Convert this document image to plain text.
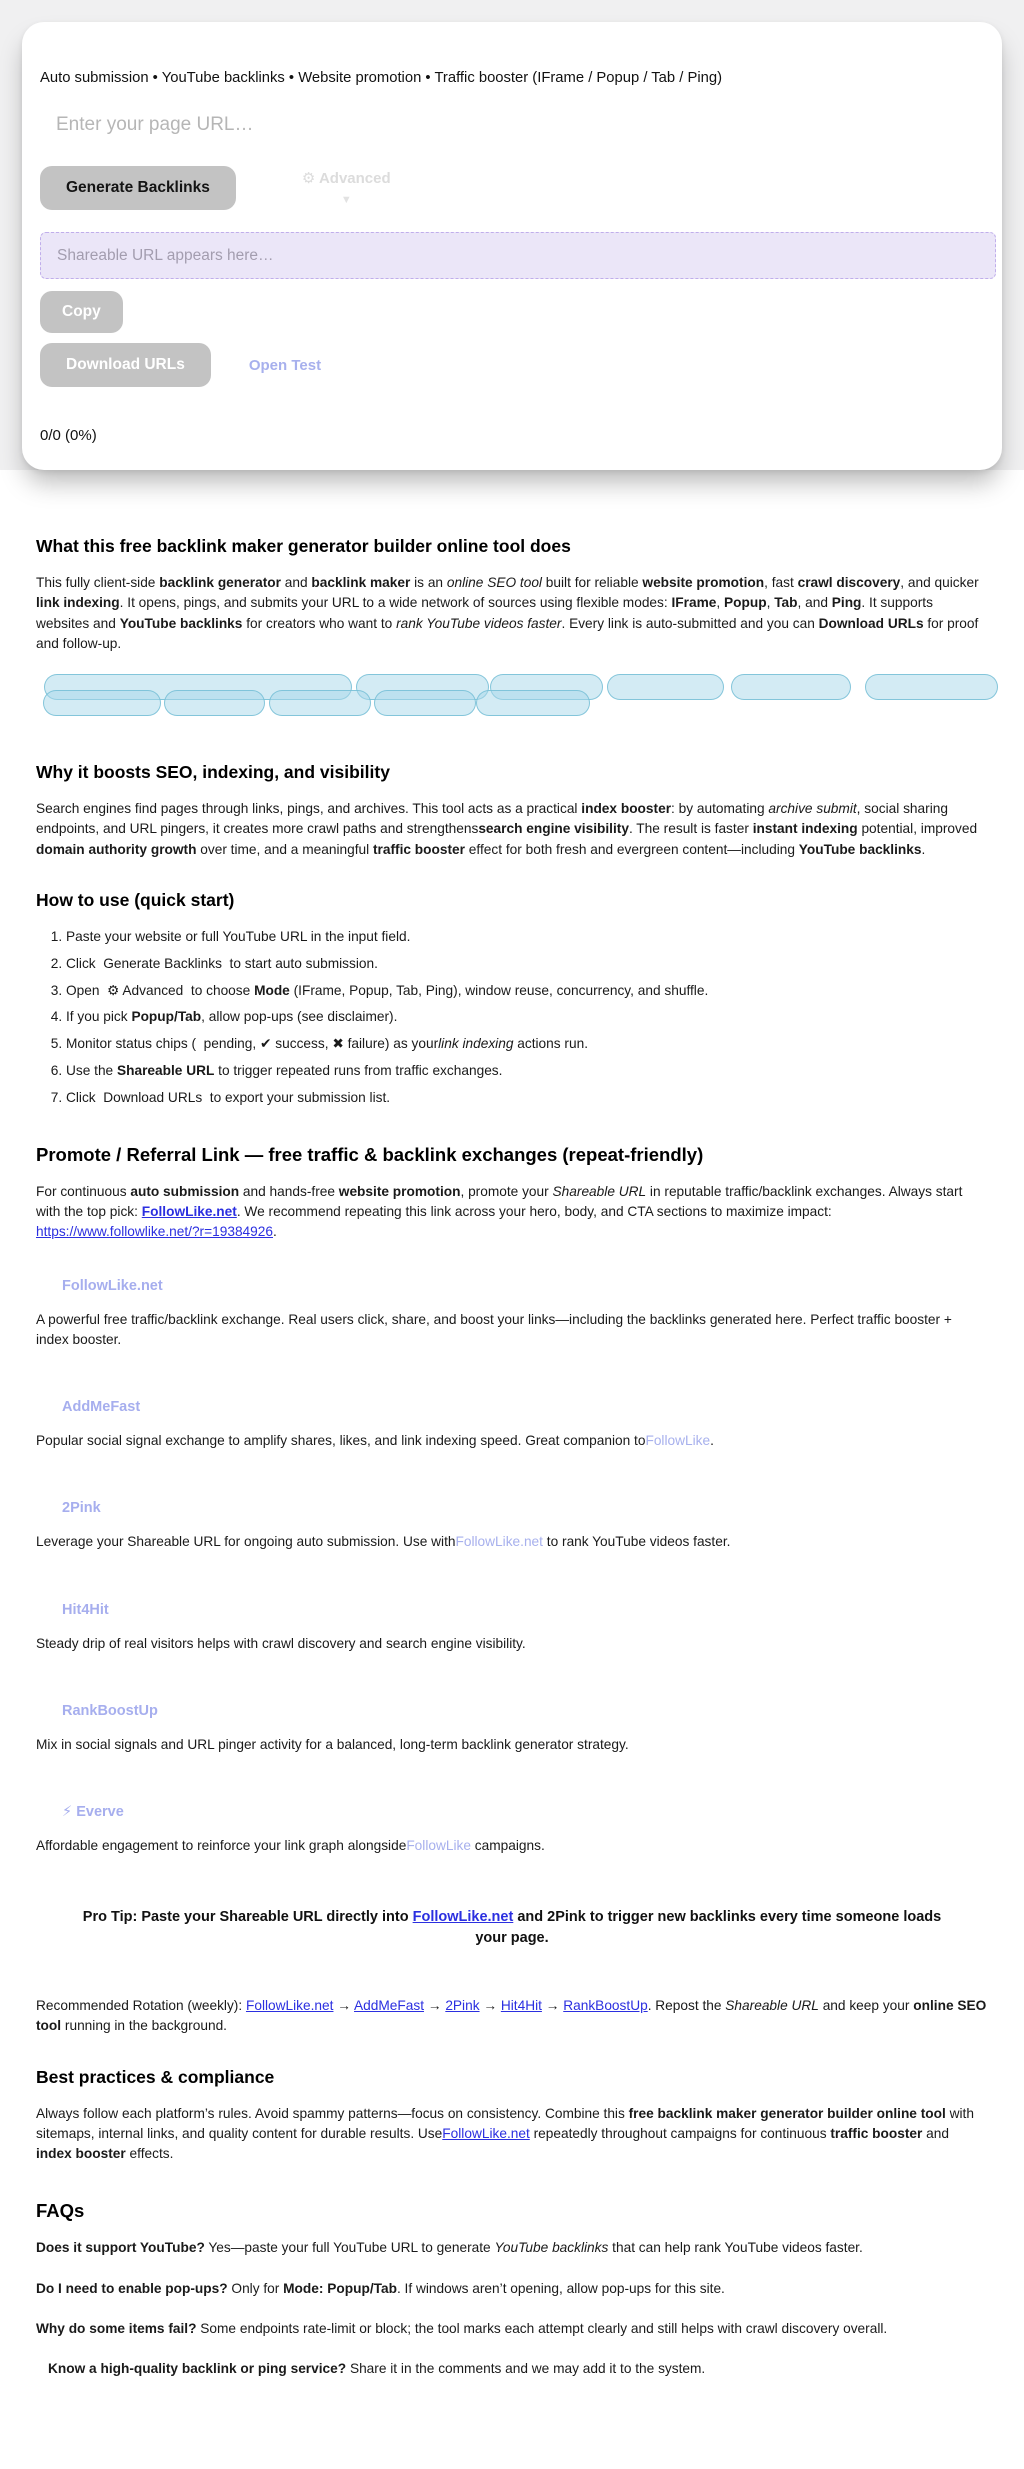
Auto submission • YouTube backlinks • Website promotion • Traffic booster (IFrame / Popup / Tab / Ping)

Enter your page URL…
Generate Backlinks
⚙ Advanced
▼
Shareable URL appears here… Copy
Download URLs	Open Test

0/0 (0%)

What this free backlink maker generator builder online tool does

This fully client-side backlink generator and backlink maker is an online SEO tool built for reliable website promotion, fast crawl discovery, and quicker link indexing. It opens, pings, and submits your URL to a wide network of sources using flexible modes: IFrame, Popup, Tab, and Ping. It supports websites and YouTube backlinks for creators who want to rank YouTube videos faster. Every link is auto-submitted and you can Download URLs for proof and follow-up.

Why it boosts SEO, indexing, and visibility

Search engines find pages through links, pings, and archives. This tool acts as a practical index booster: by automating archive submit, social sharing endpoints, and URL pingers, it creates more crawl paths and strengthenssearch engine visibility. The result is faster instant indexing potential, improved domain authority growth over time, and a meaningful traffic booster effect for both fresh and evergreen content—including YouTube backlinks.

How to use (quick start)
1. Paste your website or full YouTube URL in the input field.
2. Click  Generate Backlinks  to start auto submission.
3. Open  ⚙ Advanced  to choose Mode (IFrame, Popup, Tab, Ping), window reuse, concurrency, and shuffle.
4. If you pick Popup/Tab, allow pop-ups (see disclaimer).
5. Monitor status chips (  pending, ✔ success, ✖ failure) as yourlink indexing actions run.
6. Use the Shareable URL to trigger repeated runs from traffic exchanges.
7. Click  Download URLs  to export your submission list.
Promote / Referral Link — free traffic & backlink exchanges (repeat-friendly)

For continuous auto submission and hands-free website promotion, promote your Shareable URL in reputable traffic/backlink exchanges. Always start with the top pick: FollowLike.net. We recommend repeating this link across your hero, body, and CTA sections to maximize impact: https://www.followlike.net/?r=19384926.

FollowLike.net

A powerful free traffic/backlink exchange. Real users click, share, and boost your links—including the backlinks generated here. Perfect traffic booster + index booster.

AddMeFast

Popular social signal exchange to amplify shares, likes, and link indexing speed. Great companion toFollowLike.

2Pink

Leverage your Shareable URL for ongoing auto submission. Use withFollowLike.net to rank YouTube videos faster.

Hit4Hit

Steady drip of real visitors helps with crawl discovery and search engine visibility.

RankBoostUp

Mix in social signals and URL pinger activity for a balanced, long-term backlink generator strategy.

⚡ Everve

Affordable engagement to reinforce your link graph alongsideFollowLike campaigns.

Pro Tip: Paste your Shareable URL directly into FollowLike.net and 2Pink to trigger new backlinks every time someone loads your page.

Recommended Rotation (weekly): FollowLike.net → AddMeFast → 2Pink → Hit4Hit → RankBoostUp. Repost the Shareable URL and keep your online SEO tool running in the background.

Best practices & compliance

Always follow each platform’s rules. Avoid spammy patterns—focus on consistency. Combine this free backlink maker generator builder online tool with sitemaps, internal links, and quality content for durable results. UseFollowLike.net repeatedly throughout campaigns for continuous traffic booster and index booster effects.

FAQs

Does it support YouTube? Yes—paste your full YouTube URL to generate YouTube backlinks that can help rank YouTube videos faster.

Do I need to enable pop-ups? Only for Mode: Popup/Tab. If windows aren’t opening, allow pop-ups for this site.

Why do some items fail? Some endpoints rate-limit or block; the tool marks each attempt clearly and still helps with crawl discovery overall.

Know a high-quality backlink or ping service? Share it in the comments and we may add it to the system.
